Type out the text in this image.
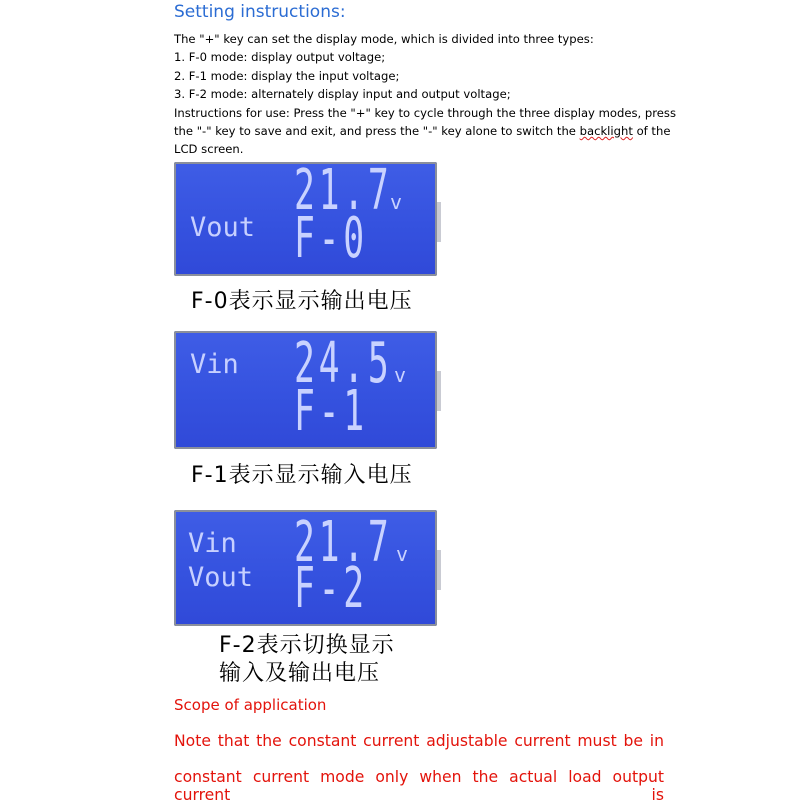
Setting instructions:
The "+" key can set the display mode, which is divided into three types:
1. F-0 mode: display output voltage;
2. F-1 mode: display the input voltage;
3. F-2 mode: alternately display input and output voltage;
Instructions for use: Press the "+" key to cycle through the three display modes, press
the "-" key to save and exit, and press the "-" key alone to switch the backlight of the
LCD screen.
Vout
21.7
v
F-0
F-0表示显示输出电压
Vin 24.5 v
F-1
F-1表示显示输入电压
Vin
Vout
21.7 v
F-2
F-2表示切换显示
输入及输出电压
Scope of application
Note that the constant current adjustable current must be in
constant current mode only when the actual load output current is
